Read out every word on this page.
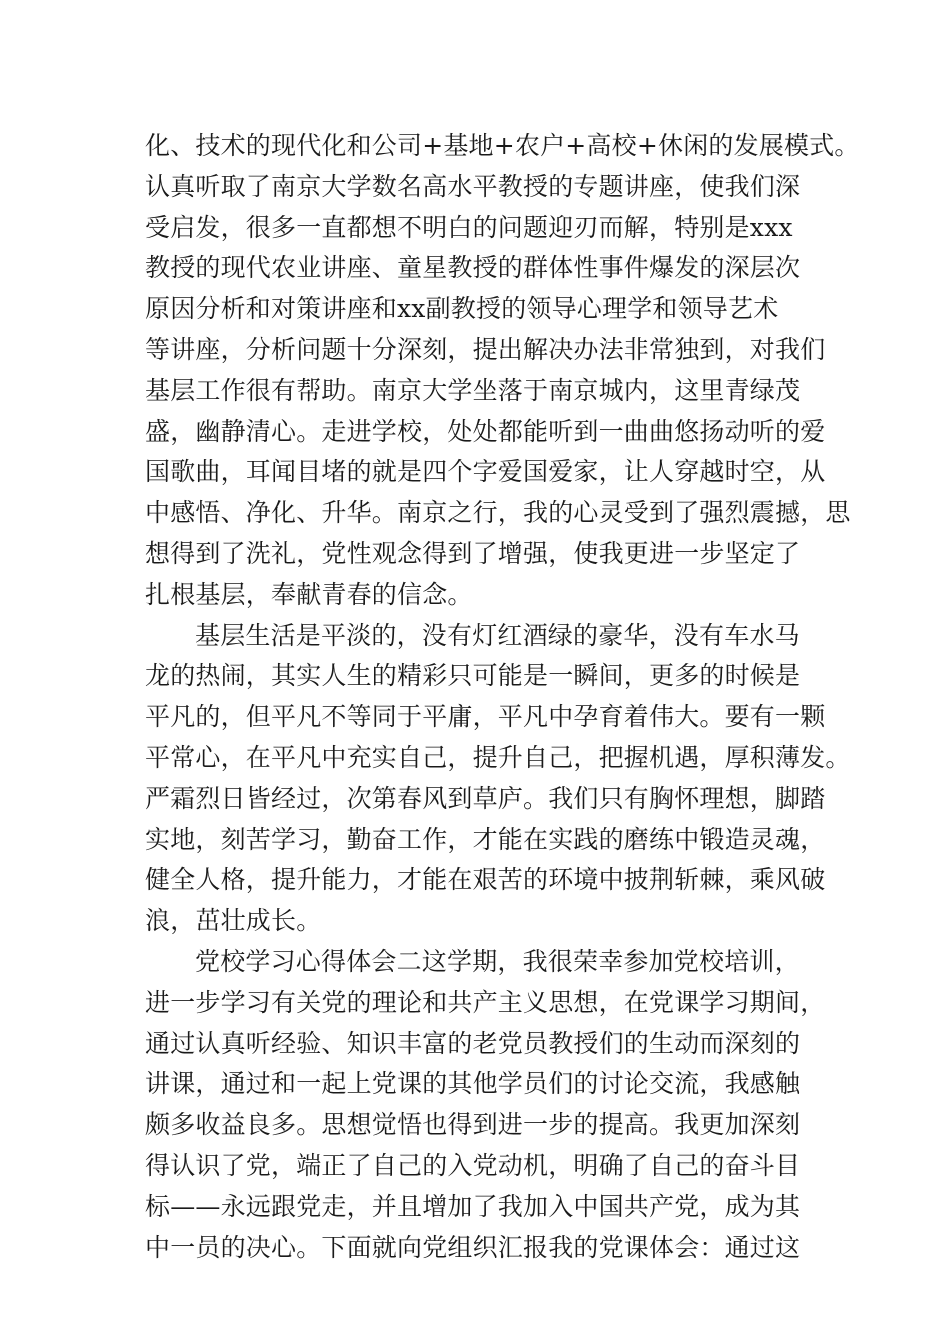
化、技术的现代化和公司+基地+农户+高校+休闲的发展模式。
认真听取了南京大学数名高水平教授的专题讲座，使我们深
受启发，很多一直都想不明白的问题迎刃而解，特别是xxx
教授的现代农业讲座、童星教授的群体性事件爆发的深层次
原因分析和对策讲座和xx副教授的领导心理学和领导艺术
等讲座，分析问题十分深刻，提出解决办法非常独到，对我们
基层工作很有帮助。南京大学坐落于南京城内，这里青绿茂
盛，幽静清心。走进学校，处处都能听到一曲曲悠扬动听的爱
国歌曲，耳闻目堵的就是四个字爱国爱家，让人穿越时空，从
中感悟、净化、升华。南京之行，我的心灵受到了强烈震撼，思
想得到了洗礼，党性观念得到了增强，使我更进一步坚定了
扎根基层，奉献青春的信念。
基层生活是平淡的，没有灯红酒绿的豪华，没有车水马
龙的热闹，其实人生的精彩只可能是一瞬间，更多的时候是
平凡的，但平凡不等同于平庸，平凡中孕育着伟大。要有一颗
平常心，在平凡中充实自己，提升自己，把握机遇，厚积薄发。
严霜烈日皆经过，次第春风到草庐。我们只有胸怀理想，脚踏
实地，刻苦学习，勤奋工作，才能在实践的磨练中锻造灵魂，
健全人格，提升能力，才能在艰苦的环境中披荆斩棘，乘风破
浪，茁壮成长。
党校学习心得体会二这学期，我很荣幸参加党校培训，
进一步学习有关党的理论和共产主义思想，在党课学习期间，
通过认真听经验、知识丰富的老党员教授们的生动而深刻的
讲课，通过和一起上党课的其他学员们的讨论交流，我感触
颇多收益良多。思想觉悟也得到进一步的提高。我更加深刻
得认识了党，端正了自己的入党动机，明确了自己的奋斗目
标——永远跟党走，并且增加了我加入中国共产党，成为其
中一员的决心。下面就向党组织汇报我的党课体会：通过这
